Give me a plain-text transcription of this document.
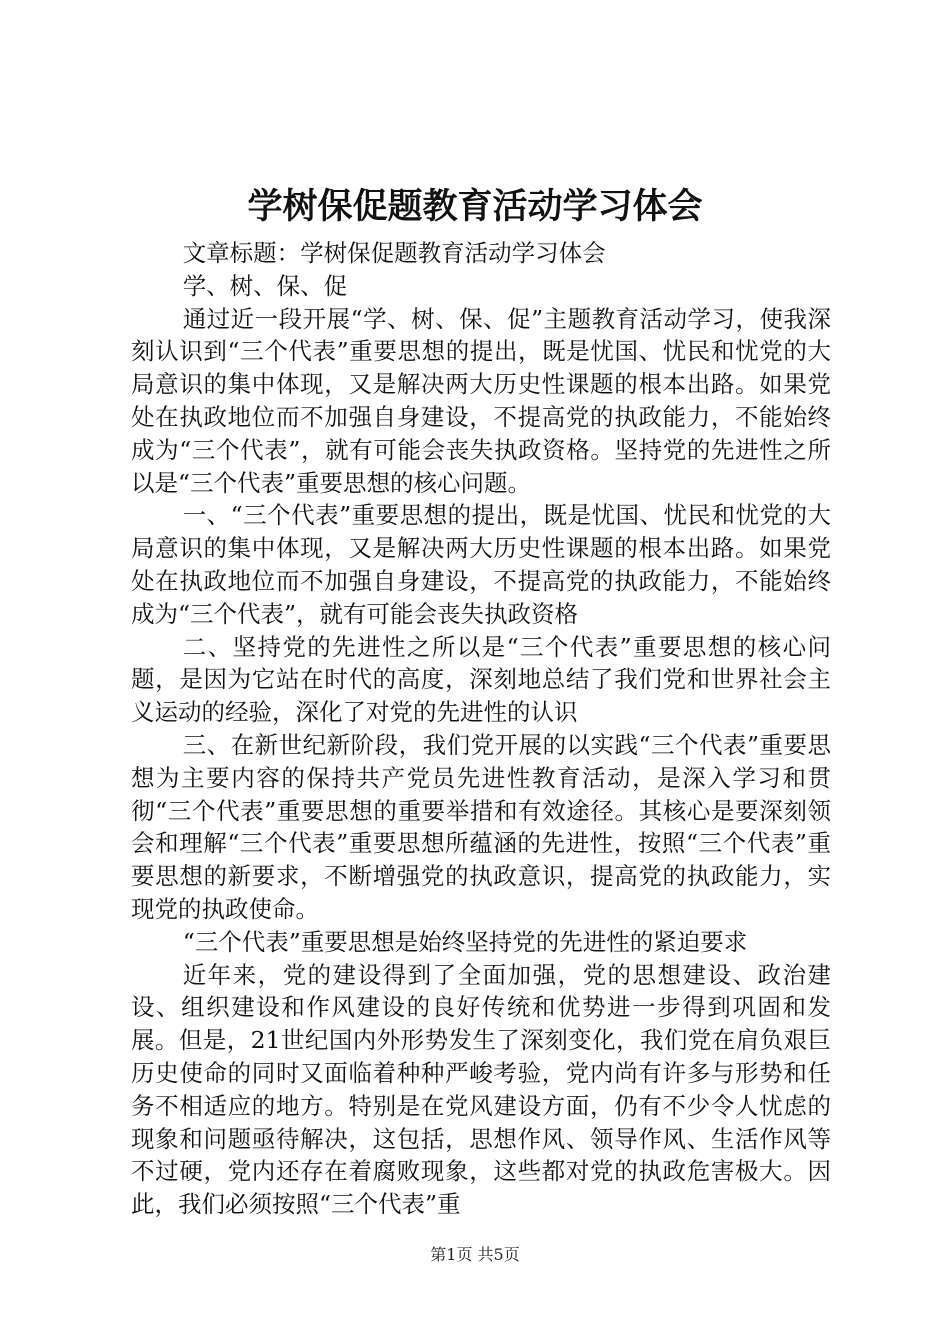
学树保促题教育活动学习体会

文章标题：学树保促题教育活动学习体会

学、树、保、促

通过近一段开展“学、树、保、促”主题教育活动学习，使我深刻认识到“三个代表”重要思想的提出，既是忧国、忧民和忧党的大局意识的集中体现，又是解决两大历史性课题的根本出路。如果党处在执政地位而不加强自身建设，不提高党的执政能力，不能始终成为“三个代表”，就有可能会丧失执政资格。坚持党的先进性之所以是“三个代表”重要思想的核心问题。

一、“三个代表”重要思想的提出，既是忧国、忧民和忧党的大局意识的集中体现，又是解决两大历史性课题的根本出路。如果党处在执政地位而不加强自身建设，不提高党的执政能力，不能始终成为“三个代表”，就有可能会丧失执政资格

二、坚持党的先进性之所以是“三个代表”重要思想的核心问题，是因为它站在时代的高度，深刻地总结了我们党和世界社会主义运动的经验，深化了对党的先进性的认识

三、在新世纪新阶段，我们党开展的以实践“三个代表”重要思想为主要内容的保持共产党员先进性教育活动，是深入学习和贯彻“三个代表”重要思想的重要举措和有效途径。其核心是要深刻领会和理解“三个代表”重要思想所蕴涵的先进性，按照“三个代表”重要思想的新要求，不断增强党的执政意识，提高党的执政能力，实现党的执政使命。

“三个代表”重要思想是始终坚持党的先进性的紧迫要求

近年来，党的建设得到了全面加强，党的思想建设、政治建设、组织建设和作风建设的良好传统和优势进一步得到巩固和发展。但是，21世纪国内外形势发生了深刻变化，我们党在肩负艰巨历史使命的同时又面临着种种严峻考验，党内尚有许多与形势和任务不相适应的地方。特别是在党风建设方面，仍有不少令人忧虑的现象和问题亟待解决，这包括，思想作风、领导作风、生活作风等不过硬，党内还存在着腐败现象，这些都对党的执政危害极大。因此，我们必须按照“三个代表”重

第1页 共5页
